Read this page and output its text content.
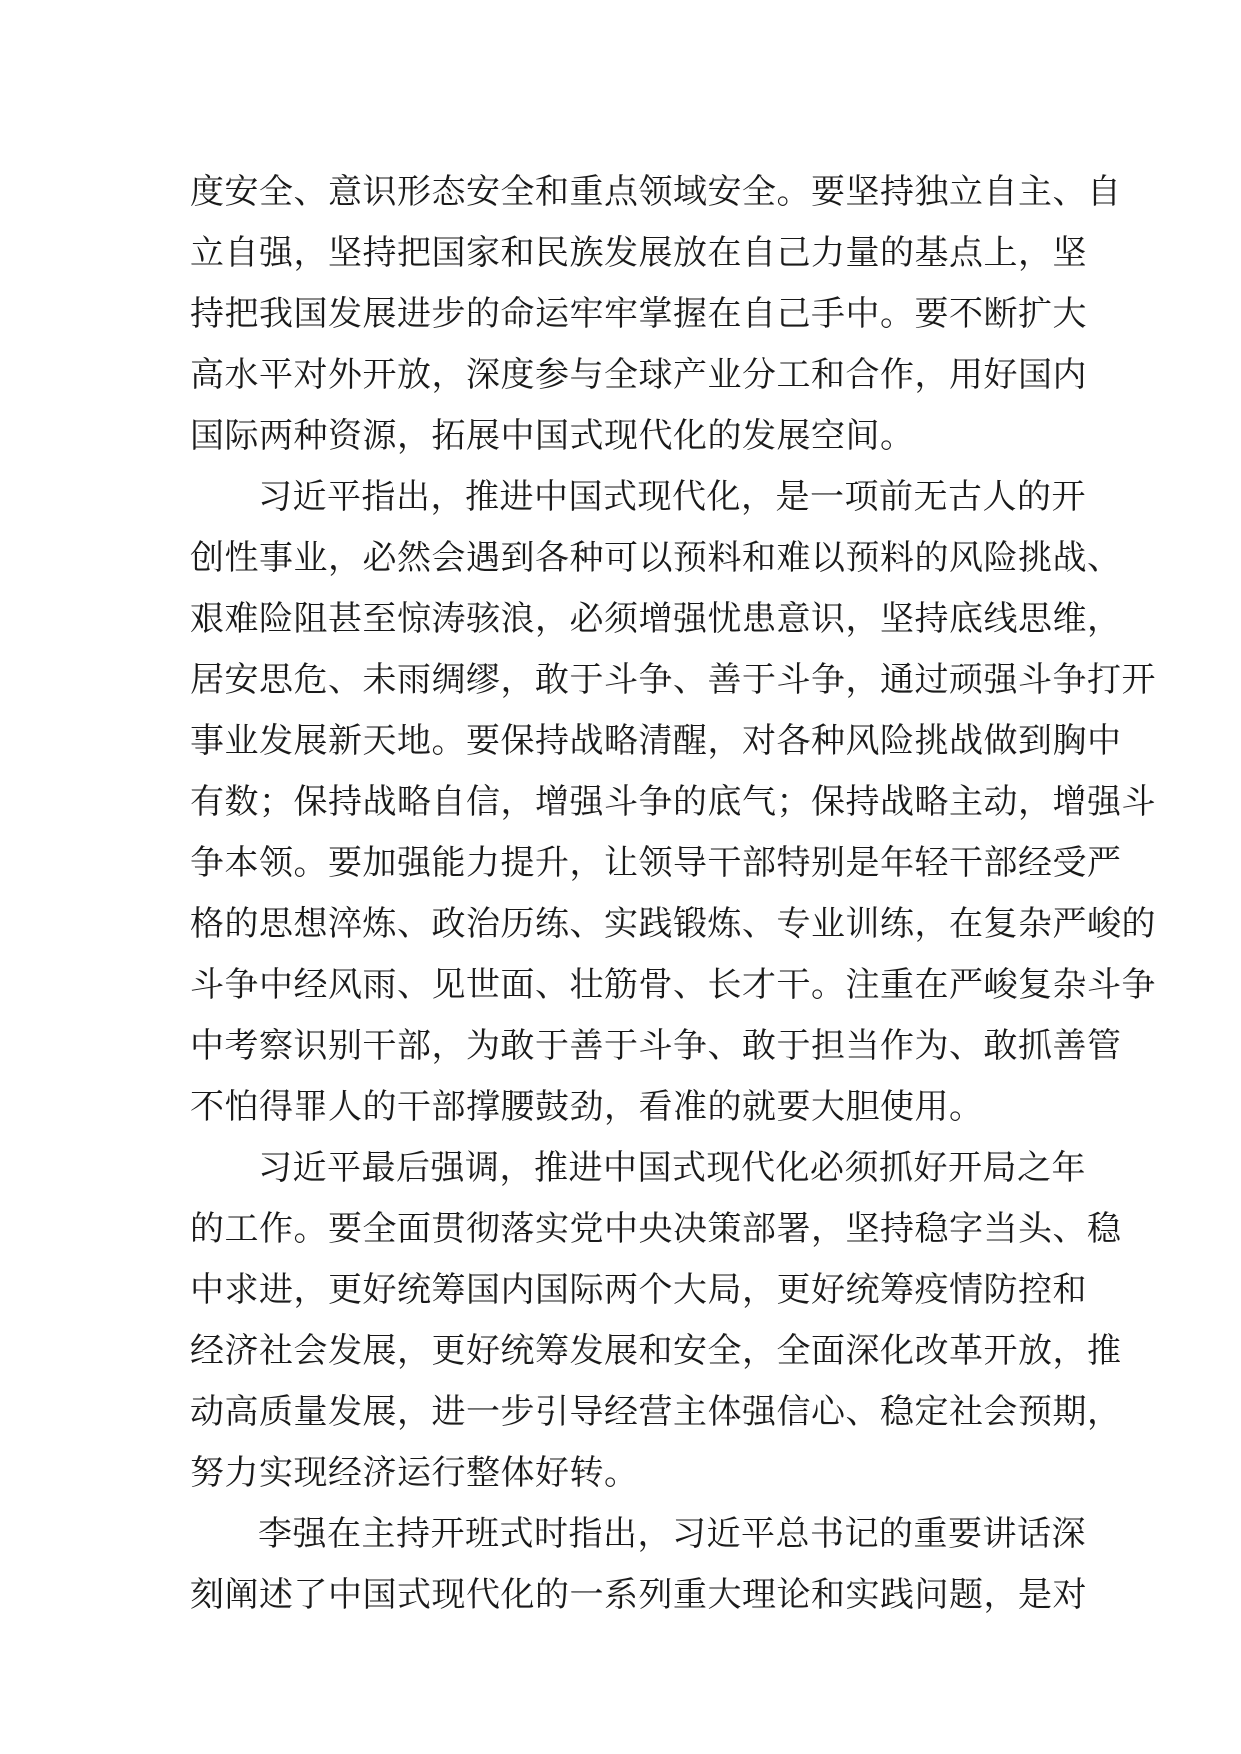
度安全、意识形态安全和重点领域安全。要坚持独立自主、自
立自强，坚持把国家和民族发展放在自己力量的基点上，坚
持把我国发展进步的命运牢牢掌握在自己手中。要不断扩大
高水平对外开放，深度参与全球产业分工和合作，用好国内
国际两种资源，拓展中国式现代化的发展空间。
习近平指出，推进中国式现代化，是一项前无古人的开
创性事业，必然会遇到各种可以预料和难以预料的风险挑战、
艰难险阻甚至惊涛骇浪，必须增强忧患意识，坚持底线思维，
居安思危、未雨绸缪，敢于斗争、善于斗争，通过顽强斗争打开
事业发展新天地。要保持战略清醒，对各种风险挑战做到胸中
有数；保持战略自信，增强斗争的底气；保持战略主动，增强斗
争本领。要加强能力提升，让领导干部特别是年轻干部经受严
格的思想淬炼、政治历练、实践锻炼、专业训练，在复杂严峻的
斗争中经风雨、见世面、壮筋骨、长才干。注重在严峻复杂斗争
中考察识别干部，为敢于善于斗争、敢于担当作为、敢抓善管
不怕得罪人的干部撑腰鼓劲，看准的就要大胆使用。
习近平最后强调，推进中国式现代化必须抓好开局之年
的工作。要全面贯彻落实党中央决策部署，坚持稳字当头、稳
中求进，更好统筹国内国际两个大局，更好统筹疫情防控和
经济社会发展，更好统筹发展和安全，全面深化改革开放，推
动高质量发展，进一步引导经营主体强信心、稳定社会预期，
努力实现经济运行整体好转。
李强在主持开班式时指出，习近平总书记的重要讲话深
刻阐述了中国式现代化的一系列重大理论和实践问题，是对
